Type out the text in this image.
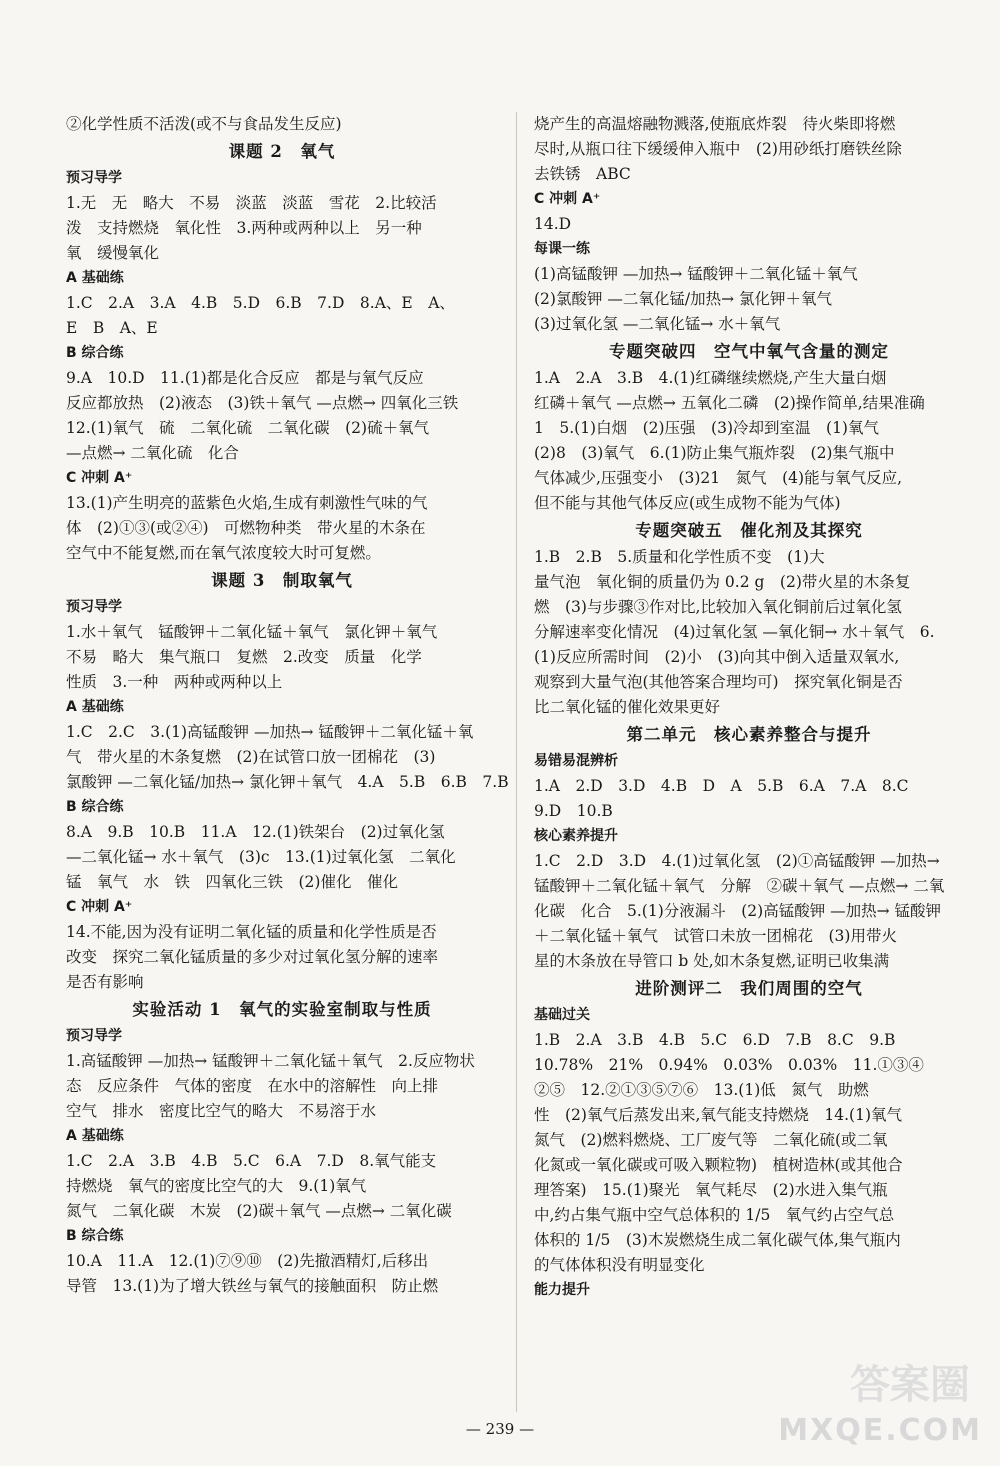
②化学性质不活泼(或不与食品发生反应)
课题 2　氧气
预习导学
1.无　无　略大　不易　淡蓝　淡蓝　雪花　2.比较活
泼　支持燃烧　氧化性　3.两种或两种以上　另一种
氧　缓慢氧化
A 基础练
1.C　2.A　3.A　4.B　5.D　6.B　7.D　8.A、E　A、
E　B　A、E
B 综合练
9.A　10.D　11.(1)都是化合反应　都是与氧气反应
反应都放热　(2)液态　(3)铁＋氧气 —点燃→ 四氧化三铁
12.(1)氧气　硫　二氧化硫　二氧化碳　(2)硫＋氧气
—点燃→ 二氧化硫　化合
C 冲刺 A⁺
13.(1)产生明亮的蓝紫色火焰,生成有刺激性气味的气
体　(2)①③(或②④)　可燃物种类　带火星的木条在
空气中不能复燃,而在氧气浓度较大时可复燃。
课题 3　制取氧气
预习导学
1.水＋氧气　锰酸钾＋二氧化锰＋氧气　氯化钾＋氧气
不易　略大　集气瓶口　复燃　2.改变　质量　化学
性质　3.一种　两种或两种以上
A 基础练
1.C　2.C　3.(1)高锰酸钾 —加热→ 锰酸钾＋二氧化锰＋氧
气　带火星的木条复燃　(2)在试管口放一团棉花　(3)
氯酸钾 —二氧化锰/加热→ 氯化钾＋氧气　4.A　5.B　6.B　7.B
B 综合练
8.A　9.B　10.B　11.A　12.(1)铁架台　(2)过氧化氢
—二氧化锰→ 水＋氧气　(3)c　13.(1)过氧化氢　二氧化
锰　氧气　水　铁　四氧化三铁　(2)催化　催化
C 冲刺 A⁺
14.不能,因为没有证明二氧化锰的质量和化学性质是否
改变　探究二氧化锰质量的多少对过氧化氢分解的速率
是否有影响
实验活动 1　氧气的实验室制取与性质
预习导学
1.高锰酸钾 —加热→ 锰酸钾＋二氧化锰＋氧气　2.反应物状
态　反应条件　气体的密度　在水中的溶解性　向上排
空气　排水　密度比空气的略大　不易溶于水
A 基础练
1.C　2.A　3.B　4.B　5.C　6.A　7.D　8.氧气能支
持燃烧　氧气的密度比空气的大　9.(1)氧气
氮气　二氧化碳　木炭　(2)碳＋氧气 —点燃→ 二氧化碳
B 综合练
10.A　11.A　12.(1)⑦⑨⑩　(2)先撤酒精灯,后移出
导管　13.(1)为了增大铁丝与氧气的接触面积　防止燃
烧产生的高温熔融物溅落,使瓶底炸裂　待火柴即将燃
尽时,从瓶口往下缓缓伸入瓶中　(2)用砂纸打磨铁丝除
去铁锈　ABC
C 冲刺 A⁺
14.D
每课一练
(1)高锰酸钾 —加热→ 锰酸钾＋二氧化锰＋氧气
(2)氯酸钾 —二氧化锰/加热→ 氯化钾＋氧气
(3)过氧化氢 —二氧化锰→ 水＋氧气
专题突破四　空气中氧气含量的测定
1.A　2.A　3.B　4.(1)红磷继续燃烧,产生大量白烟
红磷＋氧气 —点燃→ 五氧化二磷　(2)操作简单,结果准确
1　5.(1)白烟　(2)压强　(3)冷却到室温　(1)氧气
(2)8　(3)氧气　6.(1)防止集气瓶炸裂　(2)集气瓶中
气体减少,压强变小　(3)21　氮气　(4)能与氧气反应,
但不能与其他气体反应(或生成物不能为气体)
专题突破五　催化剂及其探究
1.B　2.B　5.质量和化学性质不变　(1)大
量气泡　氧化铜的质量仍为 0.2 g　(2)带火星的木条复
燃　(3)与步骤③作对比,比较加入氧化铜前后过氧化氢
分解速率变化情况　(4)过氧化氢 —氧化铜→ 水＋氧气　6.
(1)反应所需时间　(2)小　(3)向其中倒入适量双氧水,
观察到大量气泡(其他答案合理均可)　探究氧化铜是否
比二氧化锰的催化效果更好
第二单元　核心素养整合与提升
易错易混辨析
1.A　2.D　3.D　4.B　D　A　5.B　6.A　7.A　8.C
9.D　10.B
核心素养提升
1.C　2.D　3.D　4.(1)过氧化氢　(2)①高锰酸钾 —加热→
锰酸钾＋二氧化锰＋氧气　分解　②碳＋氧气 —点燃→ 二氧
化碳　化合　5.(1)分液漏斗　(2)高锰酸钾 —加热→ 锰酸钾
＋二氧化锰＋氧气　试管口未放一团棉花　(3)用带火
星的木条放在导管口 b 处,如木条复燃,证明已收集满
进阶测评二　我们周围的空气
基础过关
1.B　2.A　3.B　4.B　5.C　6.D　7.B　8.C　9.B
10.78%　21%　0.94%　0.03%　0.03%　11.①③④
②⑤　12.②①③⑤⑦⑥　13.(1)低　氮气　助燃
性　(2)氧气后蒸发出来,氧气能支持燃烧　14.(1)氧气
氮气　(2)燃料燃烧、工厂废气等　二氧化硫(或二氧
化氮或一氧化碳或可吸入颗粒物)　植树造林(或其他合
理答案)　15.(1)聚光　氧气耗尽　(2)水进入集气瓶
中,约占集气瓶中空气总体积的 1/5　氧气约占空气总
体积的 1/5　(3)木炭燃烧生成二氧化碳气体,集气瓶内
的气体体积没有明显变化
能力提升
— 239 —
答案圈
MXQE.COM
